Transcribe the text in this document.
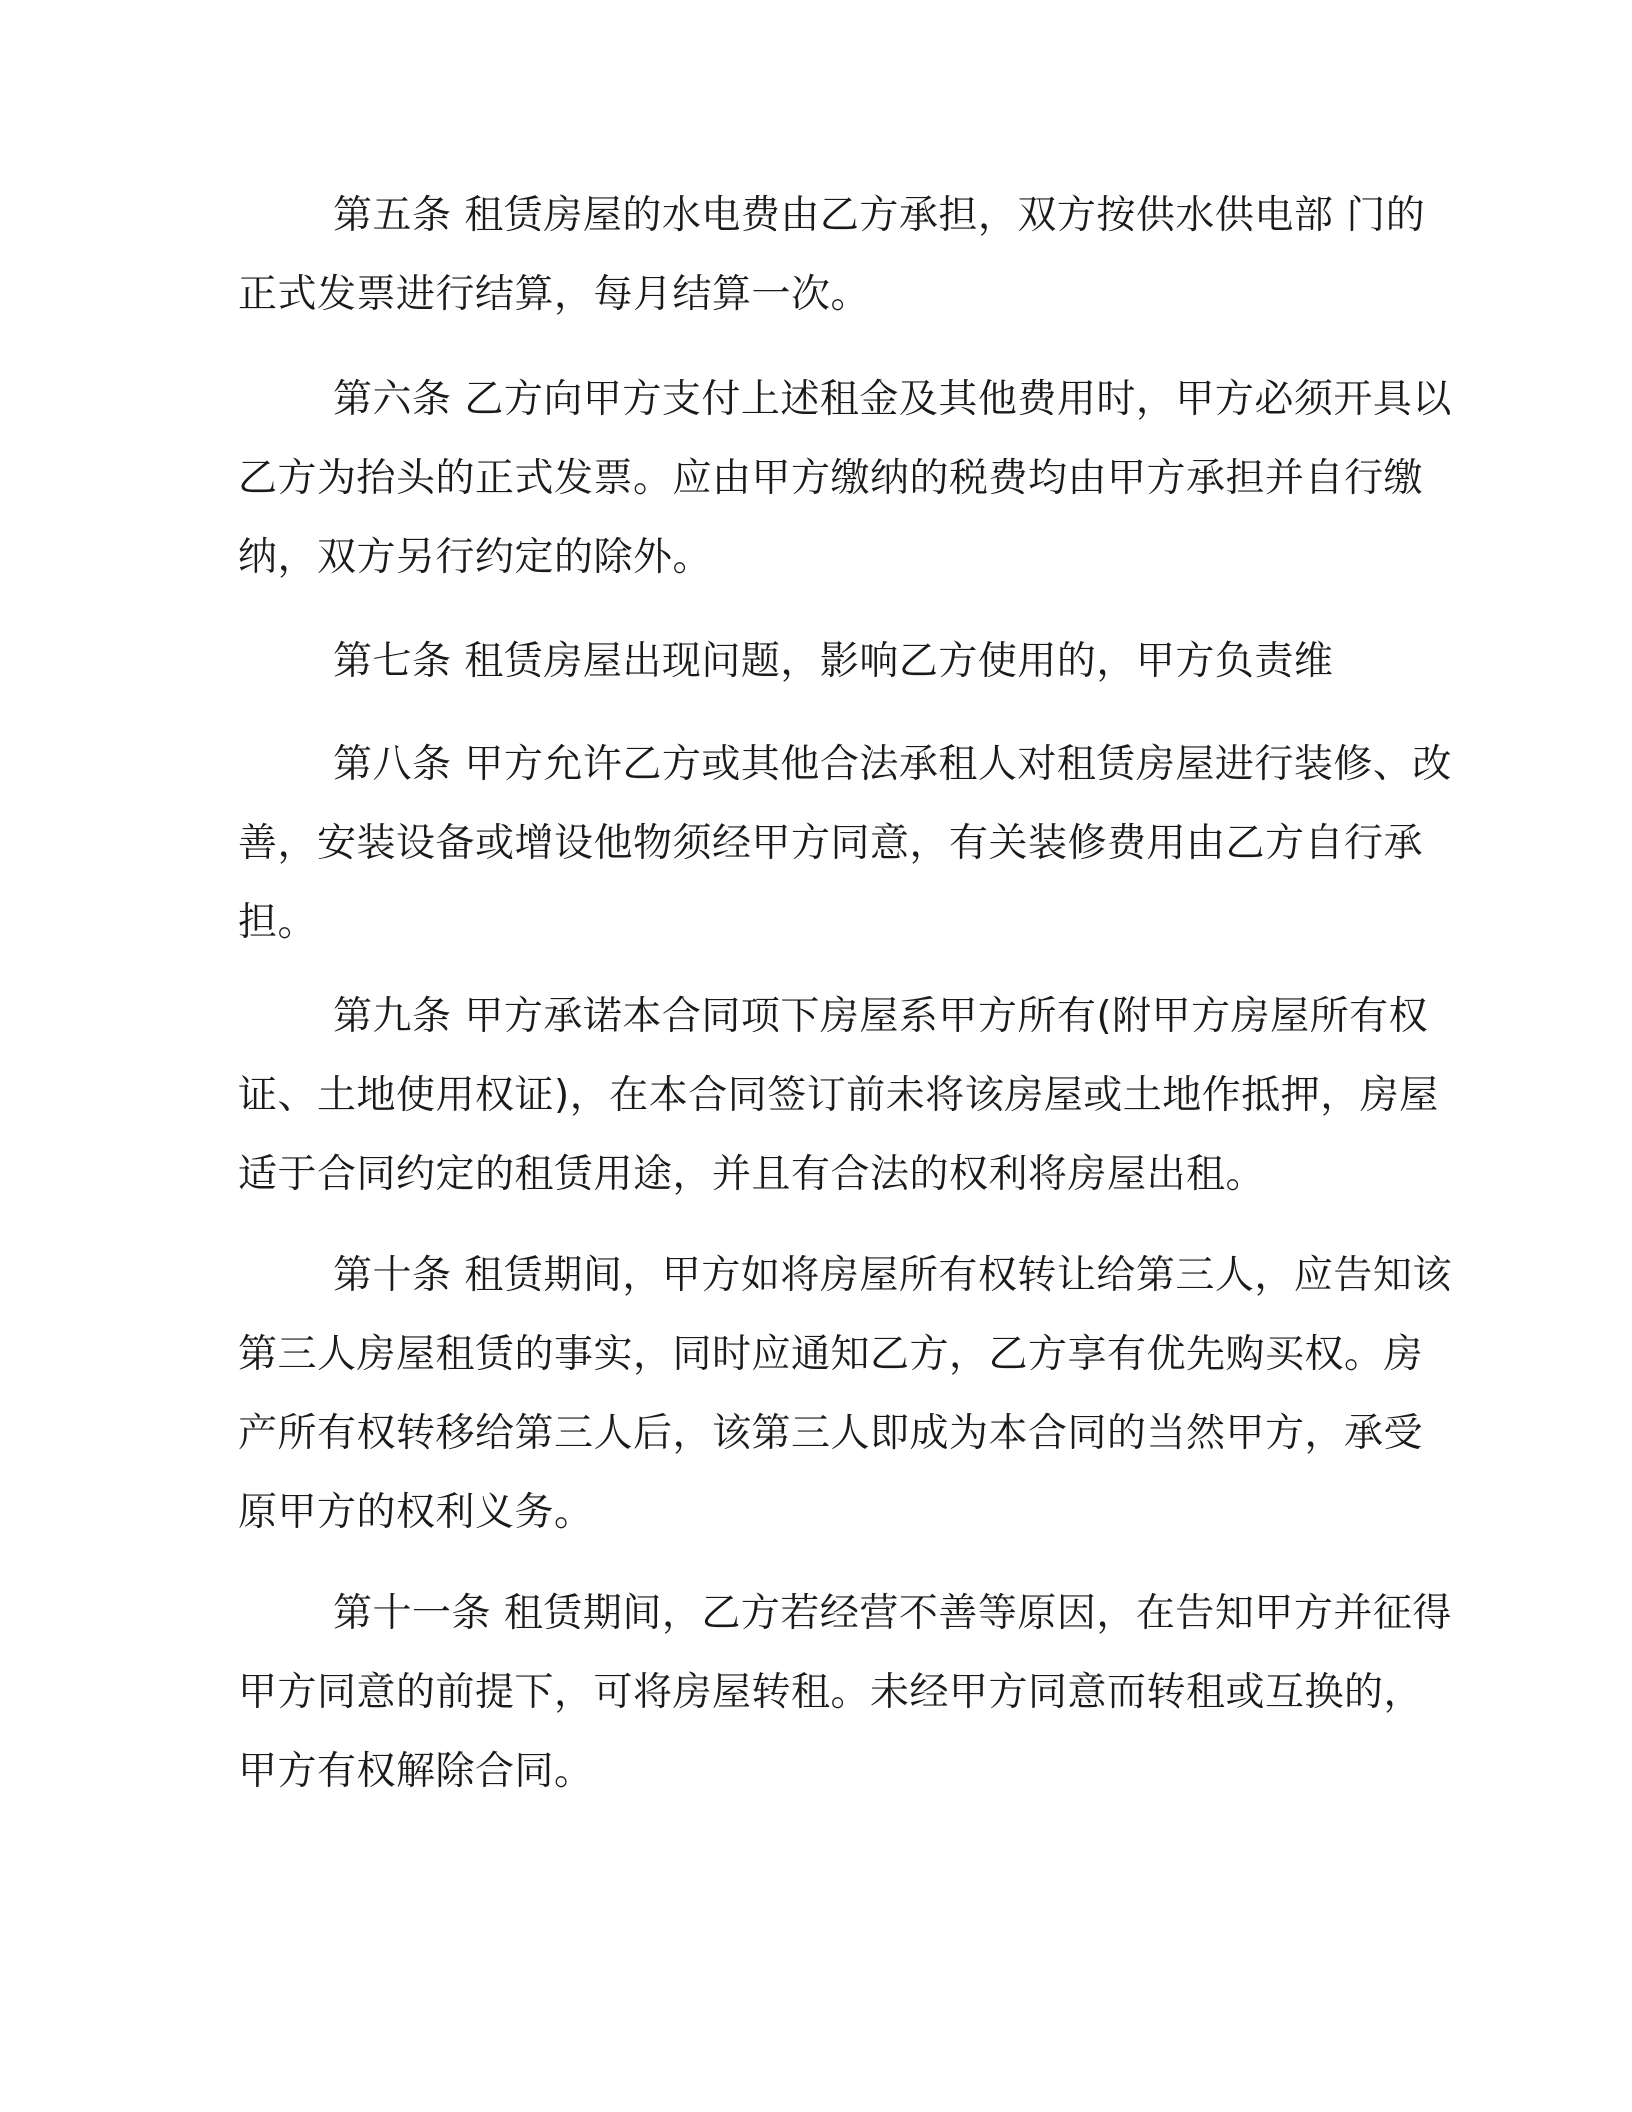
第五条 租赁房屋的水电费由乙方承担，双方按供水供电部 门的
正式发票进行结算，每月结算一次。
第六条 乙方向甲方支付上述租金及其他费用时，甲方必须开具以
乙方为抬头的正式发票。应由甲方缴纳的税费均由甲方承担并自行缴
纳，双方另行约定的除外。
第七条 租赁房屋出现问题，影响乙方使用的，甲方负责维
第八条 甲方允许乙方或其他合法承租人对租赁房屋进行装修、改
善，安装设备或增设他物须经甲方同意，有关装修费用由乙方自行承
担。
第九条 甲方承诺本合同项下房屋系甲方所有(附甲方房屋所有权
证、土地使用权证)，在本合同签订前未将该房屋或土地作抵押，房屋
适于合同约定的租赁用途，并且有合法的权利将房屋出租。
第十条 租赁期间，甲方如将房屋所有权转让给第三人，应告知该
第三人房屋租赁的事实，同时应通知乙方，乙方享有优先购买权。房
产所有权转移给第三人后，该第三人即成为本合同的当然甲方，承受
原甲方的权利义务。
第十一条 租赁期间，乙方若经营不善等原因，在告知甲方并征得
甲方同意的前提下，可将房屋转租。未经甲方同意而转租或互换的，
甲方有权解除合同。
